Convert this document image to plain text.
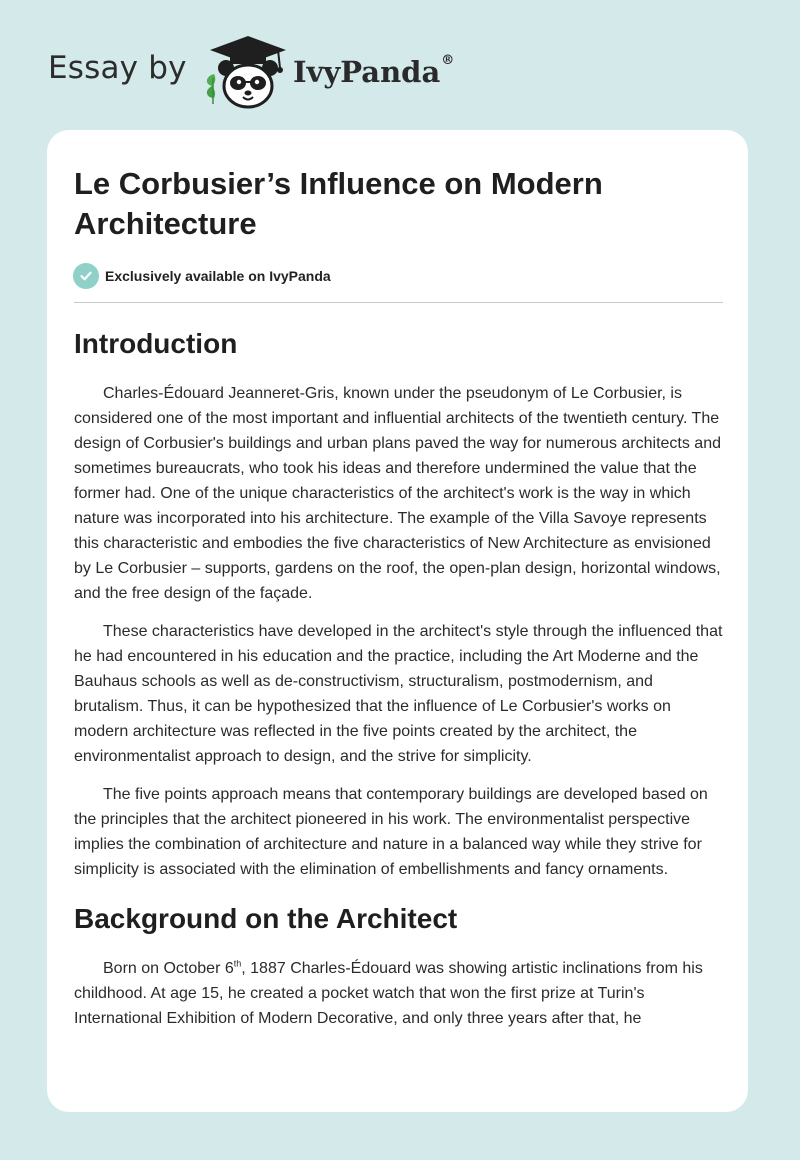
Essay by	IvyPanda®
Le Corbusier’s Influence on Modern Architecture
Exclusively available on IvyPanda
Introduction

Charles-Édouard Jeanneret-Gris, known under the pseudonym of Le Corbusier, is considered one of the most important and influential architects of the twentieth century. The design of Corbusier's buildings and urban plans paved the way for numerous architects and sometimes bureaucrats, who took his ideas and therefore undermined the value that the former had. One of the unique characteristics of the architect's work is the way in which nature was incorporated into his architecture. The example of the Villa Savoye represents this characteristic and embodies the five characteristics of New Architecture as envisioned by Le Corbusier – supports, gardens on the roof, the open-plan design, horizontal windows, and the free design of the façade.

These characteristics have developed in the architect's style through the influenced that he had encountered in his education and the practice, including the Art Moderne and the Bauhaus schools as well as de-constructivism, structuralism, postmodernism, and brutalism. Thus, it can be hypothesized that the influence of Le Corbusier's works on modern architecture was reflected in the five points created by the architect, the environmentalist approach to design, and the strive for simplicity.

The five points approach means that contemporary buildings are developed based on the principles that the architect pioneered in his work. The environmentalist perspective implies the combination of architecture and nature in a balanced way while they strive for simplicity is associated with the elimination of embellishments and fancy ornaments.

Background on the Architect

Born on October 6th, 1887 Charles-Édouard was showing artistic inclinations from his childhood. At age 15, he created a pocket watch that won the first prize at Turin's International Exhibition of Modern Decorative, and only three years after that, he
